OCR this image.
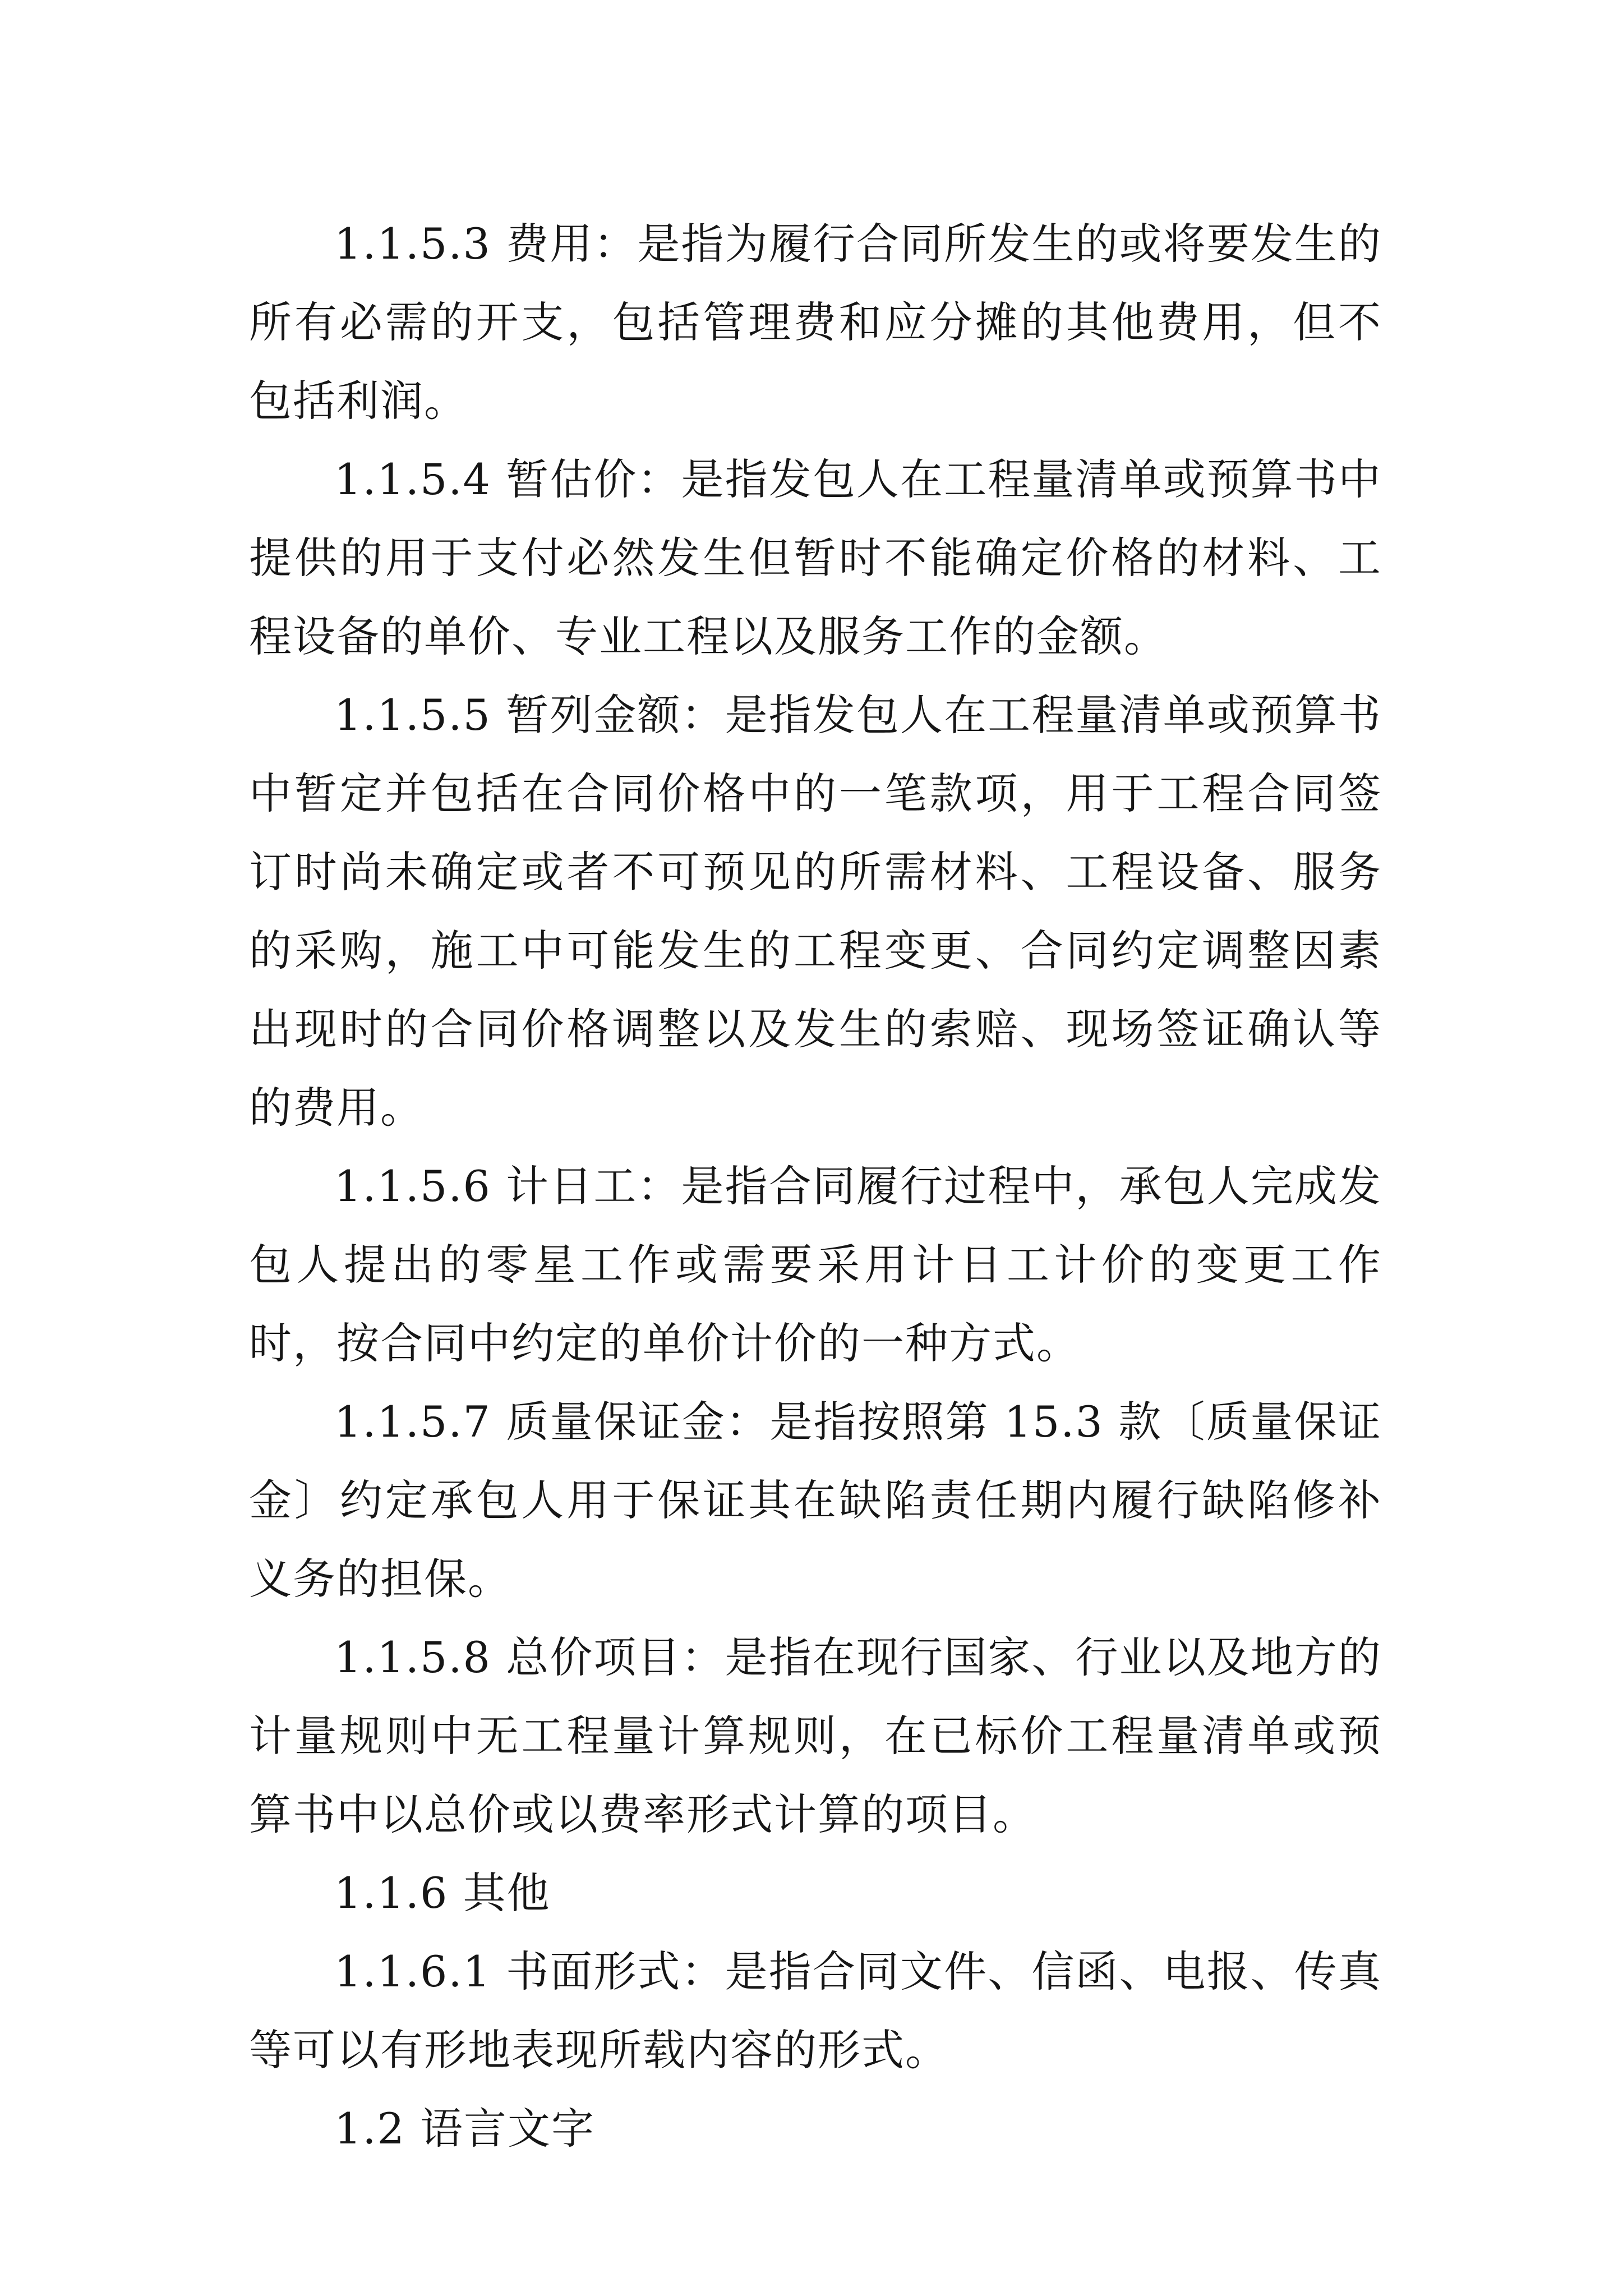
1.1.5.3 费用：是指为履行合同所发生的或将要发生的所有必需的开支，包括管理费和应分摊的其他费用，但不包括利润。

1.1.5.4 暂估价：是指发包人在工程量清单或预算书中提供的用于支付必然发生但暂时不能确定价格的材料、工程设备的单价、专业工程以及服务工作的金额。

1.1.5.5 暂列金额：是指发包人在工程量清单或预算书中暂定并包括在合同价格中的一笔款项，用于工程合同签订时尚未确定或者不可预见的所需材料、工程设备、服务的采购，施工中可能发生的工程变更、合同约定调整因素出现时的合同价格调整以及发生的索赔、现场签证确认等的费用。

1.1.5.6 计日工：是指合同履行过程中，承包人完成发包人提出的零星工作或需要采用计日工计价的变更工作时，按合同中约定的单价计价的一种方式。

1.1.5.7 质量保证金：是指按照第 15.3 款〔质量保证金〕约定承包人用于保证其在缺陷责任期内履行缺陷修补义务的担保。

1.1.5.8 总价项目：是指在现行国家、行业以及地方的计量规则中无工程量计算规则，在已标价工程量清单或预算书中以总价或以费率形式计算的项目。

1.1.6 其他

1.1.6.1 书面形式：是指合同文件、信函、电报、传真等可以有形地表现所载内容的形式。

1.2 语言文字
